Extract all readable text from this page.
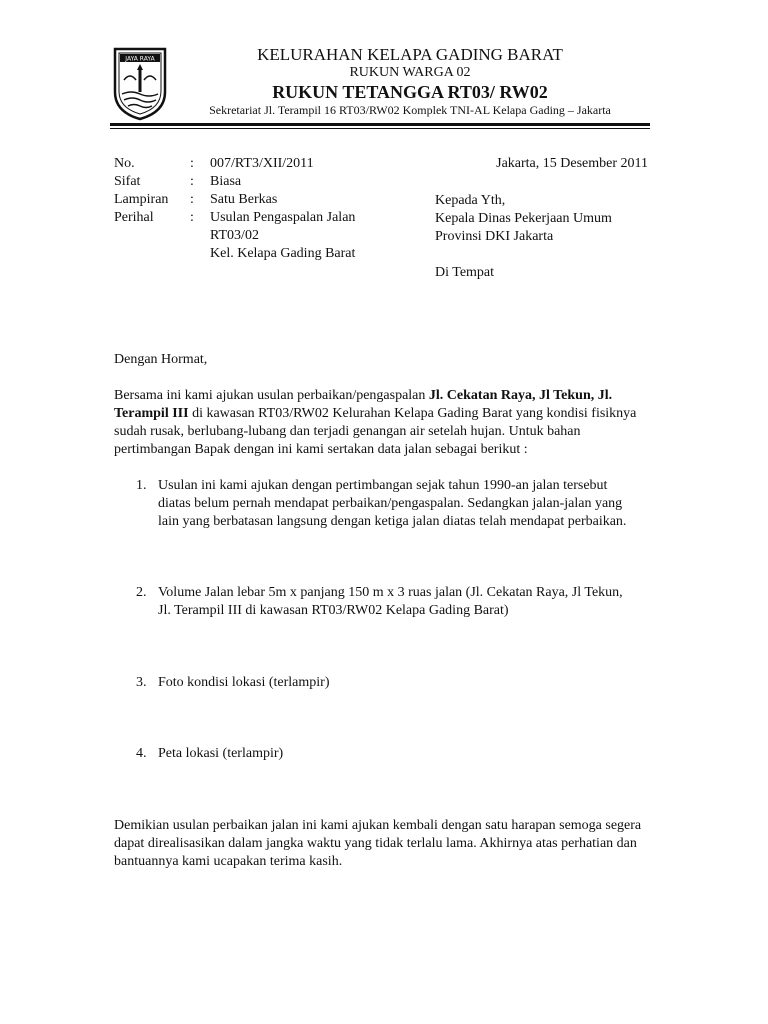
JAYA RAYA	KELURAHAN KELAPA GADING BARAT
RUKUN WARGA 02
RUKUN TETANGGA RT03/ RW02
Sekretariat Jl. Terampil 16 RT03/RW02 Komplek TNI-AL Kelapa Gading – Jakarta
No.	:	007/RT3/XII/2011
Sifat	:	Biasa
Lampiran	:	Satu Berkas
Perihal	:	Usulan Pengaspalan Jalan
RT03/02
Kel. Kelapa Gading Barat
Jakarta, 15 Desember 2011
Kepada Yth,
Kepala Dinas Pekerjaan Umum
Provinsi DKI Jakarta
Di Tempat
Dengan Hormat,
Bersama ini kami ajukan usulan perbaikan/pengaspalan Jl. Cekatan Raya, Jl Tekun, Jl. Terampil III di kawasan RT03/RW02 Kelurahan Kelapa Gading Barat yang kondisi fisiknya sudah rusak, berlubang-lubang dan terjadi genangan air setelah hujan. Untuk bahan pertimbangan Bapak dengan ini kami sertakan data jalan sebagai berikut :
1. Usulan ini kami ajukan dengan pertimbangan sejak tahun 1990-an jalan tersebut diatas belum pernah mendapat perbaikan/pengaspalan. Sedangkan jalan-jalan yang lain yang berbatasan langsung dengan ketiga jalan diatas telah mendapat perbaikan.
2. Volume Jalan lebar 5m x panjang 150 m x 3 ruas jalan (Jl. Cekatan Raya, Jl Tekun, Jl. Terampil III di kawasan RT03/RW02 Kelapa Gading Barat)
3. Foto kondisi lokasi (terlampir)
4. Peta lokasi (terlampir)
Demikian usulan perbaikan jalan ini kami ajukan kembali dengan satu harapan semoga segera dapat direalisasikan dalam jangka waktu yang tidak terlalu lama. Akhirnya atas perhatian dan bantuannya kami ucapakan terima kasih.
